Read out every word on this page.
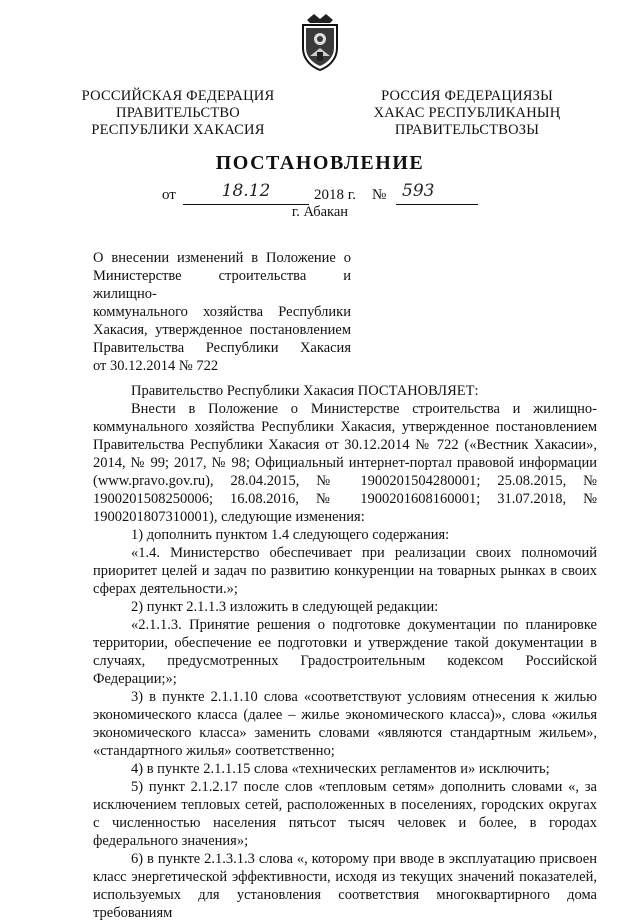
РОССИЙСКАЯ ФЕДЕРАЦИЯ
ПРАВИТЕЛЬСТВО
РЕСПУБЛИКИ ХАКАСИЯ
РОССИЯ ФЕДЕРАЦИЯЗЫ
ХАКАС РЕСПУБЛИКАНЫҢ
ПРАВИТЕЛЬСТВОЗЫ
ПОСТАНОВЛЕНИЕ
от	18.12	2018 г. № 593
г. Абакан
О внесении изменений в Положение о
Министерстве строительства и жилищно-
коммунального хозяйства Республики
Хакасия, утвержденное постановлением
Правительства Республики Хакасия
от 30.12.2014 № 722

Правительство Республики Хакасия ПОСТАНОВЛЯЕТ:

Внести в Положение о Министерстве строительства и жилищно-коммунального хозяйства Республики Хакасия, утвержденное постановлением Правительства Республики Хакасия от 30.12.2014 № 722 («Вестник Хакасии», 2014, № 99; 2017, № 98; Официальный интернет-портал правовой информации (www.pravo.gov.ru), 28.04.2015, № 1900201504280001; 25.08.2015, № 1900201508250006; 16.08.2016, № 1900201608160001; 31.07.2018, № 1900201807310001), следующие изменения:

1) дополнить пунктом 1.4 следующего содержания:

«1.4. Министерство обеспечивает при реализации своих полномочий приоритет целей и задач по развитию конкуренции на товарных рынках в своих сферах деятельности.»;

2) пункт 2.1.1.3 изложить в следующей редакции:

«2.1.1.3. Принятие решения о подготовке документации по планировке территории, обеспечение ее подготовки и утверждение такой документации в случаях, предусмотренных Градостроительным кодексом Российской Федерации;»;

3) в пункте 2.1.1.10 слова «соответствуют условиям отнесения к жилью экономического класса (далее – жилье экономического класса)», слова «жилья экономического класса» заменить словами «являются стандартным жильем», «стандартного жилья» соответственно;

4) в пункте 2.1.1.15 слова «технических регламентов и» исключить;

5) пункт 2.1.2.17 после слов «тепловым сетям» дополнить словами «, за исключением тепловых сетей, расположенных в поселениях, городских округах с численностью населения пятьсот тысяч человек и более, в городах федерального значения»;

6) в пункте 2.1.3.1.3 слова «, которому при вводе в эксплуатацию присвоен класс энергетической эффективности, исходя из текущих значений показателей, используемых для установления соответствия многоквартирного дома требованиям
